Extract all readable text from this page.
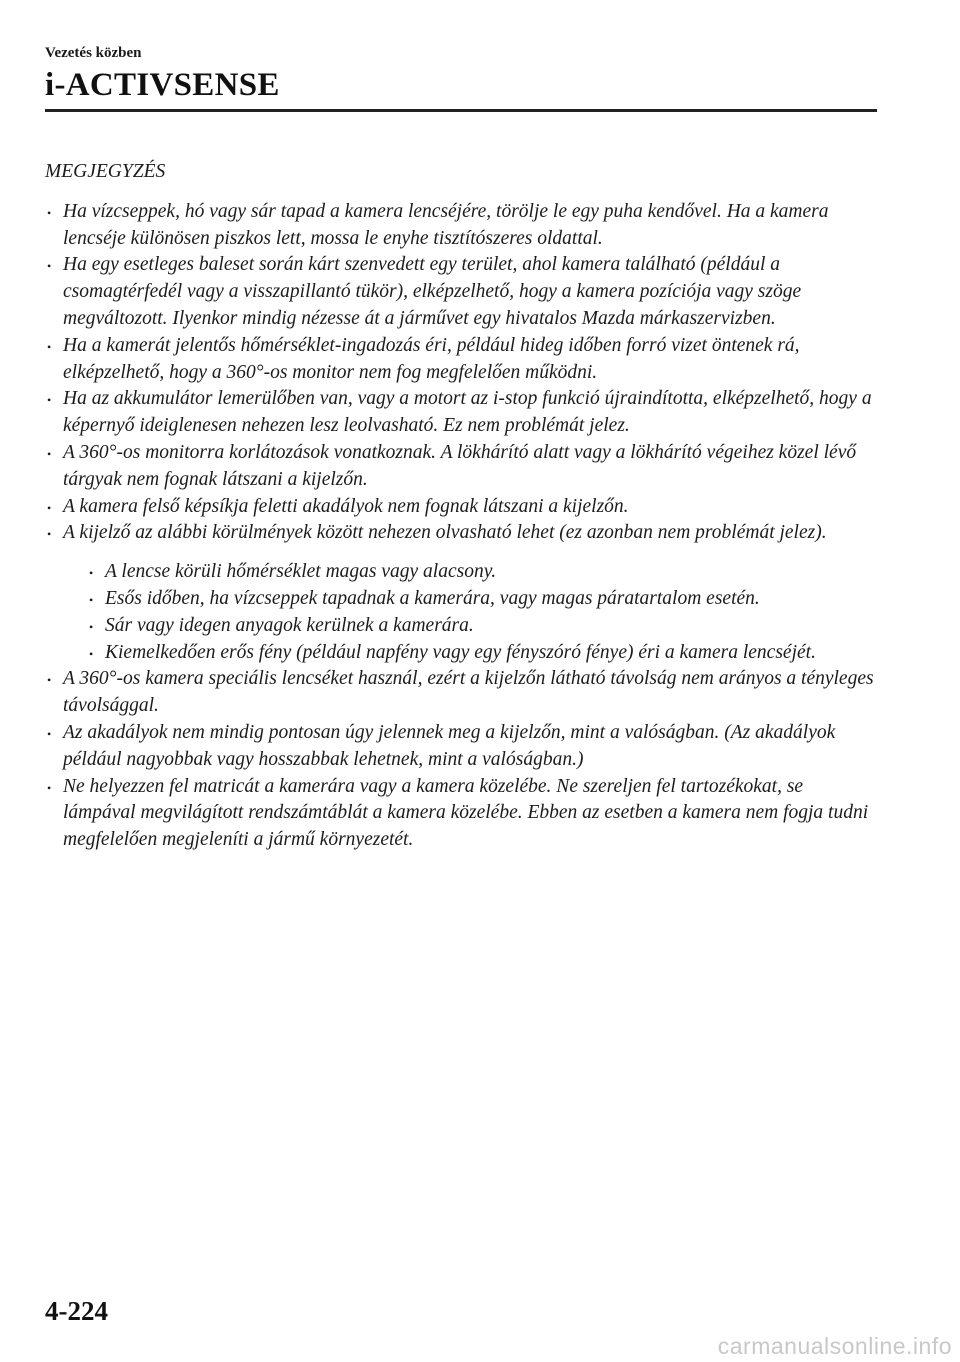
Vezetés közben
i-ACTIVSENSE
MEGJEGYZÉS
• Ha vízcseppek, hó vagy sár tapad a kamera lencséjére, törölje le egy puha kendővel. Ha a kamera lencséje különösen piszkos lett, mossa le enyhe tisztítószeres oldattal.
• Ha egy esetleges baleset során kárt szenvedett egy terület, ahol kamera található (például a csomagtérfedél vagy a visszapillantó tükör), elképzelhető, hogy a kamera pozíciója vagy szöge megváltozott. Ilyenkor mindig nézesse át a járművet egy hivatalos Mazda márkaszervizben.
• Ha a kamerát jelentős hőmérséklet-ingadozás éri, például hideg időben forró vizet öntenek rá, elképzelhető, hogy a 360°-os monitor nem fog megfelelően működni.
• Ha az akkumulátor lemerülőben van, vagy a motort az i-stop funkció újraindította, elképzelhető, hogy a képernyő ideiglenesen nehezen lesz leolvasható. Ez nem problémát jelez.
• A 360°-os monitorra korlátozások vonatkoznak. A lökhárító alatt vagy a lökhárító végeihez közel lévő tárgyak nem fognak látszani a kijelzőn.
• A kamera felső képsíkja feletti akadályok nem fognak látszani a kijelzőn.
• A kijelző az alábbi körülmények között nehezen olvasható lehet (ez azonban nem problémát jelez).
• A lencse körüli hőmérséklet magas vagy alacsony.
• Esős időben, ha vízcseppek tapadnak a kamerára, vagy magas páratartalom esetén.
• Sár vagy idegen anyagok kerülnek a kamerára.
• Kiemelkedően erős fény (például napfény vagy egy fényszóró fénye) éri a kamera lencséjét.
• A 360°-os kamera speciális lencséket használ, ezért a kijelzőn látható távolság nem arányos a tényleges távolsággal.
• Az akadályok nem mindig pontosan úgy jelennek meg a kijelzőn, mint a valóságban. (Az akadályok például nagyobbak vagy hosszabbak lehetnek, mint a valóságban.)
• Ne helyezzen fel matricát a kamerára vagy a kamera közelébe. Ne szereljen fel tartozékokat, se lámpával megvilágított rendszámtáblát a kamera közelébe. Ebben az esetben a kamera nem fogja tudni megfelelően megjeleníti a jármű környezetét.
4-224
carmanualsonline.info
